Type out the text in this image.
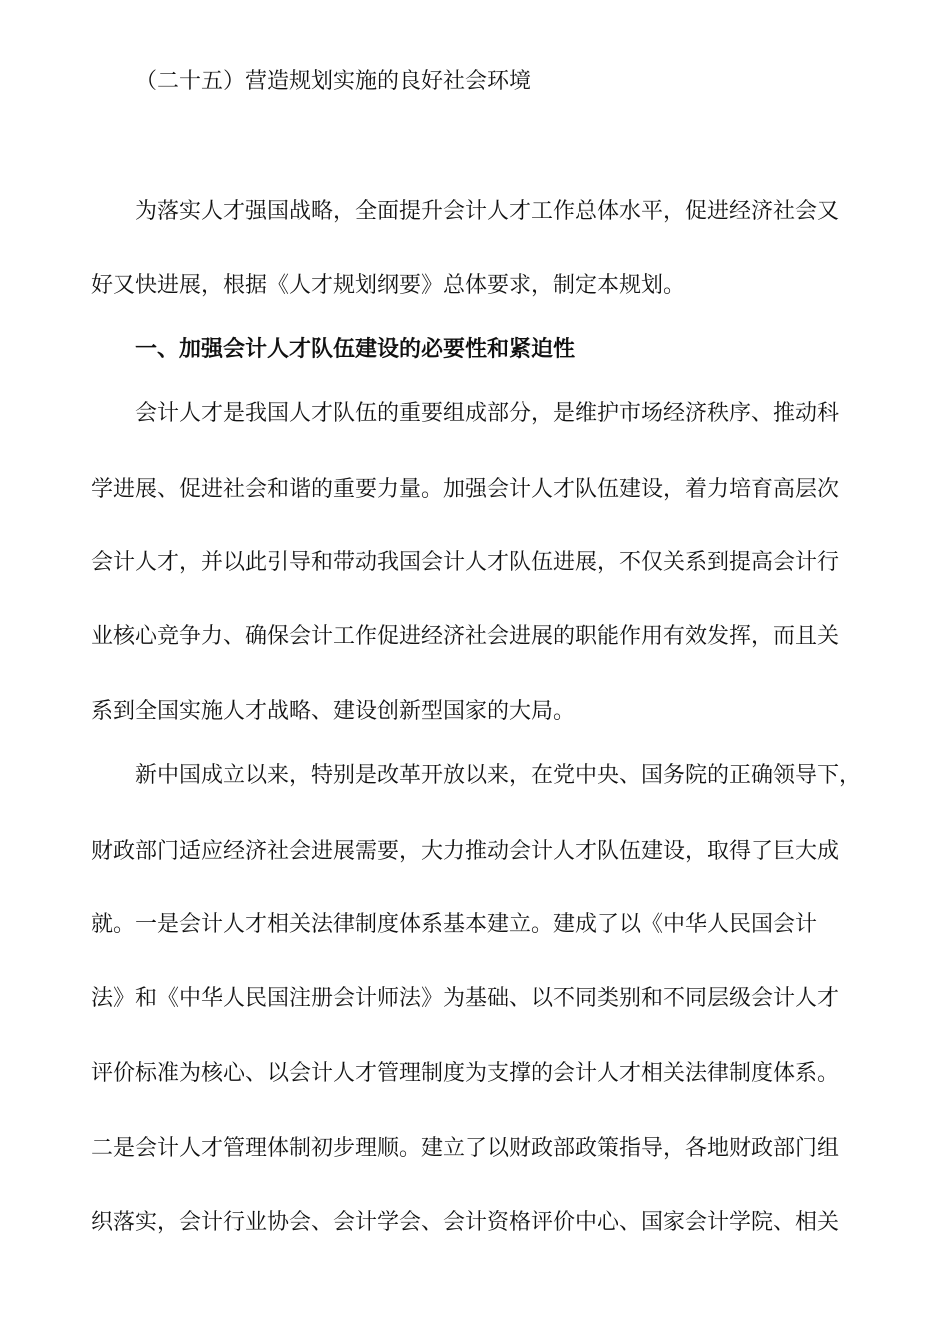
（二十五）营造规划实施的良好社会环境
为落实人才强国战略，全面提升会计人才工作总体水平，促进经济社会又
好又快进展，根据《人才规划纲要》总体要求，制定本规划。
一、加强会计人才队伍建设的必要性和紧迫性
会计人才是我国人才队伍的重要组成部分，是维护市场经济秩序、推动科
学进展、促进社会和谐的重要力量。加强会计人才队伍建设，着力培育高层次
会计人才，并以此引导和带动我国会计人才队伍进展，不仅关系到提高会计行
业核心竞争力、确保会计工作促进经济社会进展的职能作用有效发挥，而且关
系到全国实施人才战略、建设创新型国家的大局。
新中国成立以来，特别是改革开放以来，在党中央、国务院的正确领导下，
财政部门适应经济社会进展需要，大力推动会计人才队伍建设，取得了巨大成
就。一是会计人才相关法律制度体系基本建立。建成了以《中华人民国会计
法》和《中华人民国注册会计师法》为基础、以不同类别和不同层级会计人才
评价标准为核心、以会计人才管理制度为支撑的会计人才相关法律制度体系。
二是会计人才管理体制初步理顺。建立了以财政部政策指导，各地财政部门组
织落实，会计行业协会、会计学会、会计资格评价中心、国家会计学院、相关
